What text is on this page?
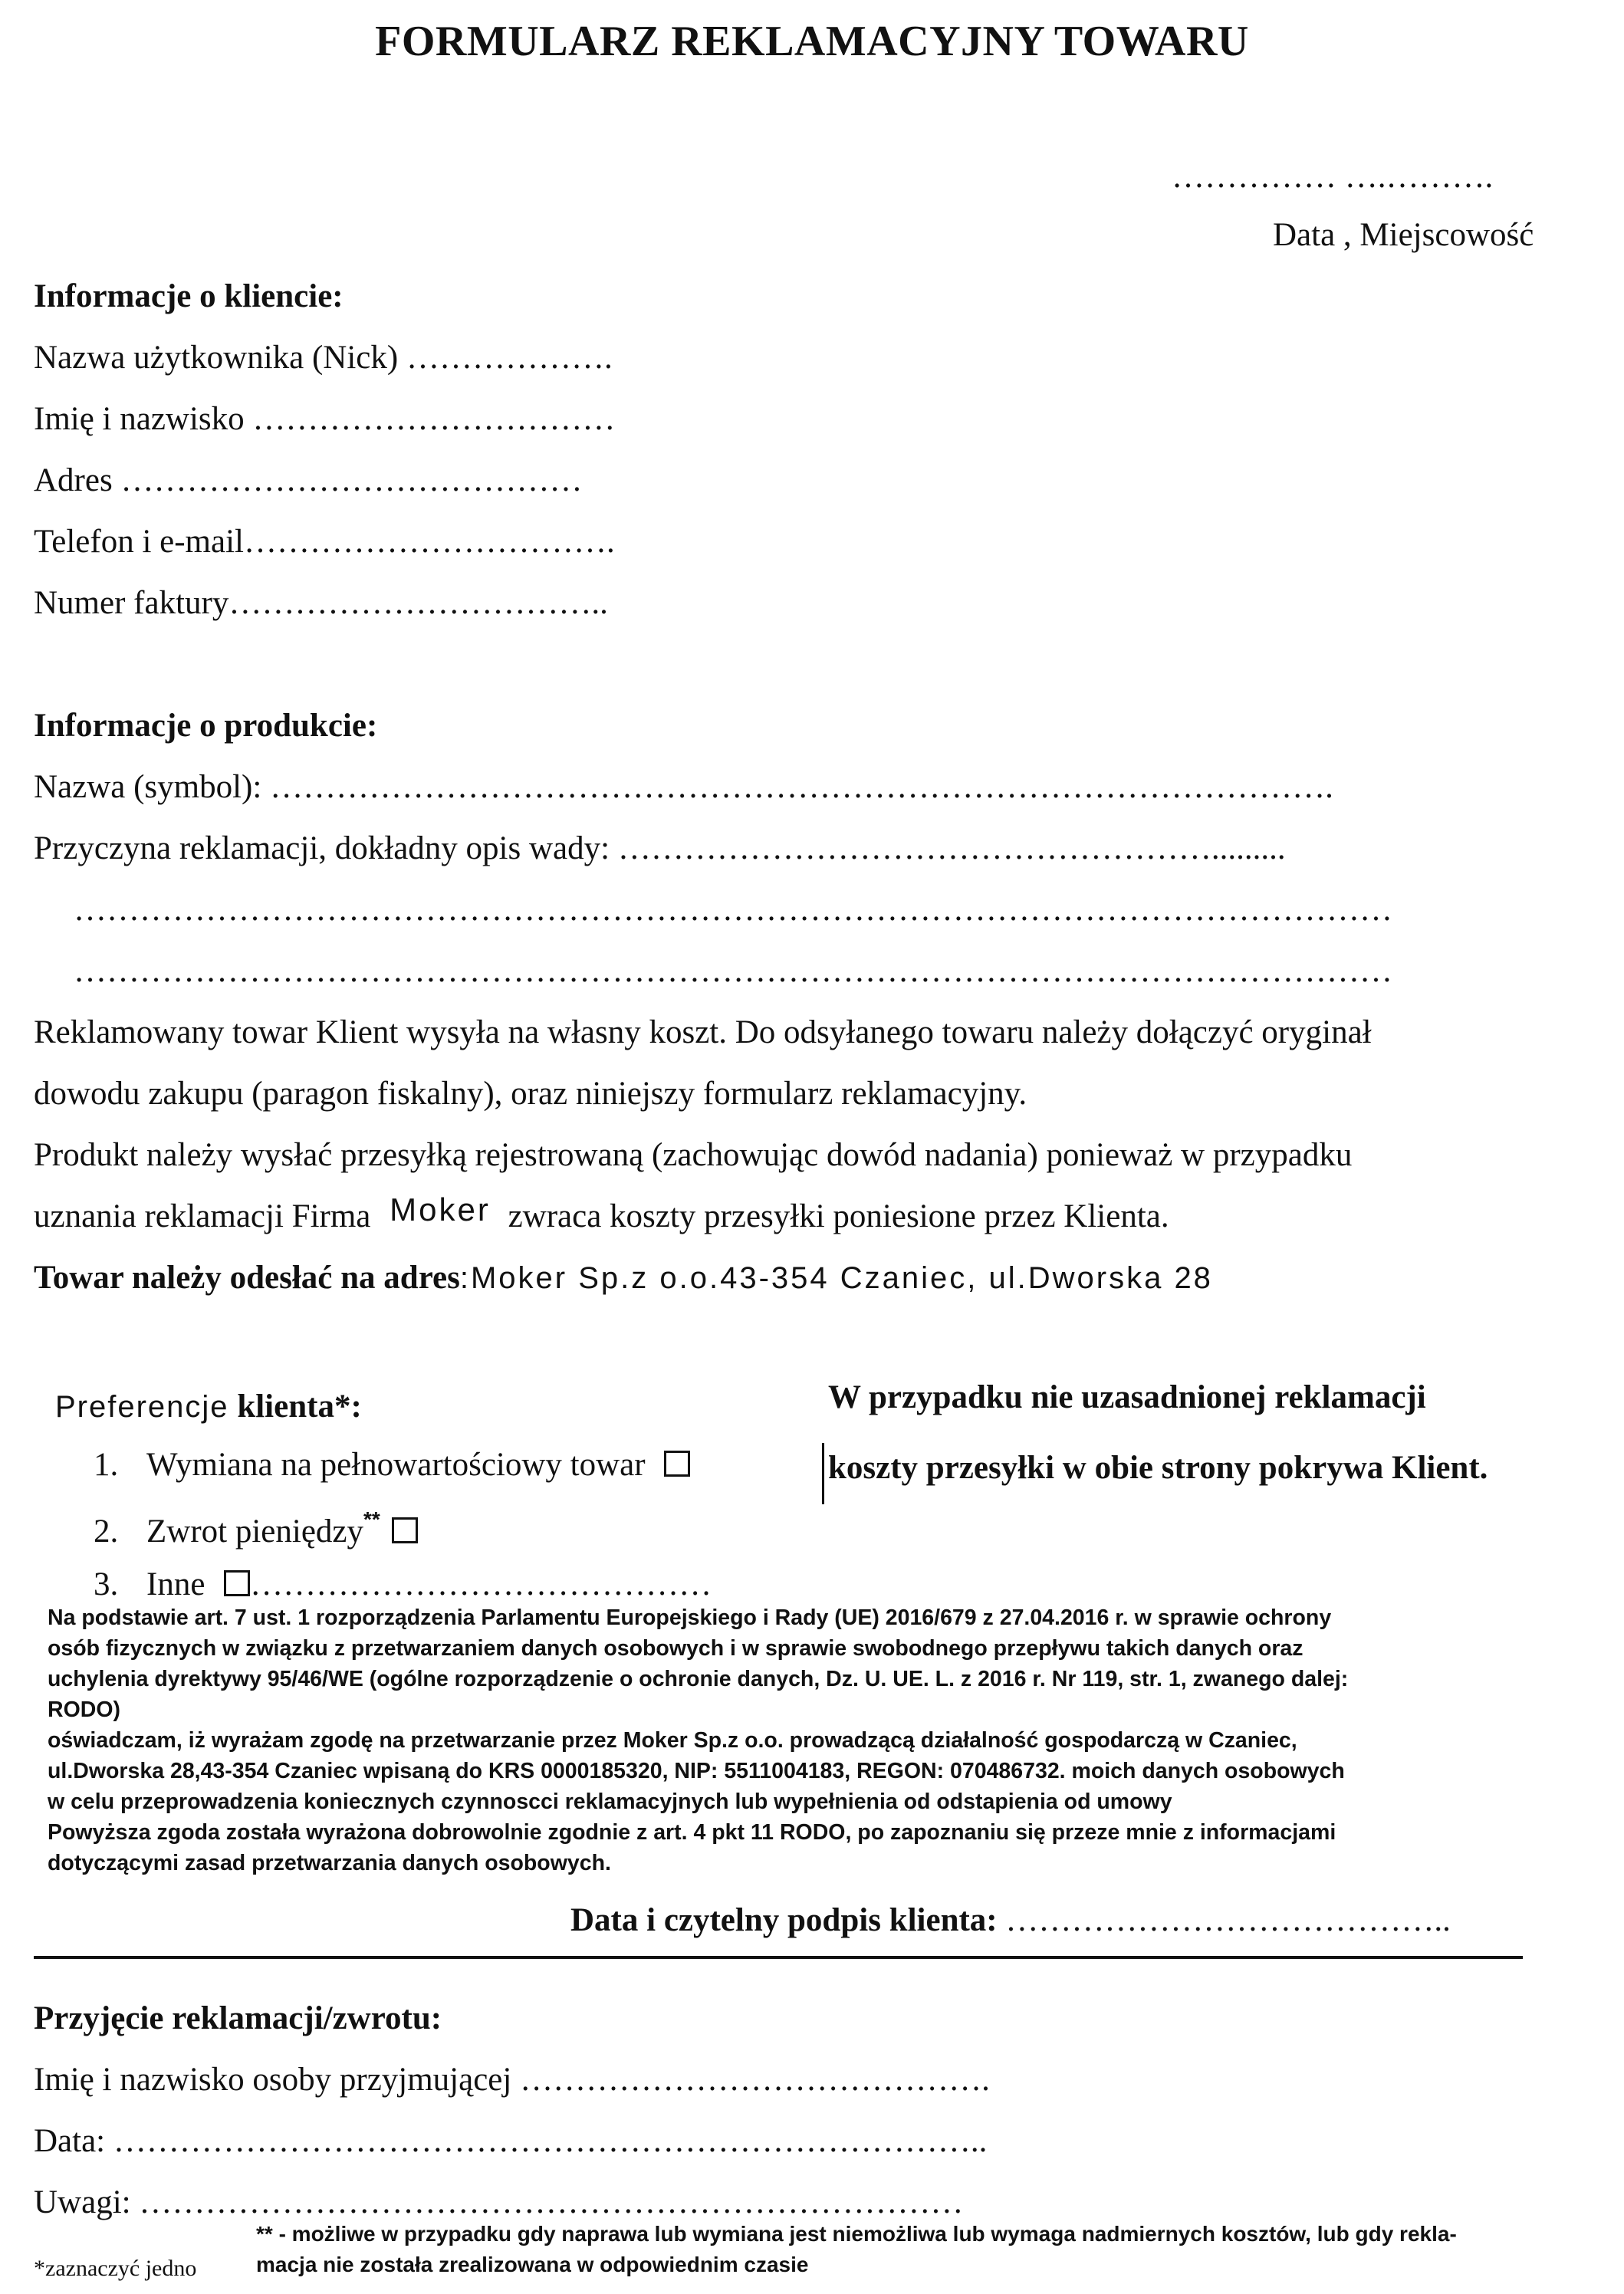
FORMULARZ REKLAMACYJNY TOWARU
…………… ….……….
Data , Miejscowość
Informacje o kliencie:
Nazwa użytkownika (Nick) ……………….
Imię i nazwisko ……………………………
Adres ……………………………………
Telefon i e-mail…………………………….
Numer faktury……………………………..
Informacje o produkcie:
Nazwa (symbol): …………………………………………………………………………………….
Przyczyna reklamacji, dokładny opis wady: ……………………………………………….........
…………………………………………………………………………………………………………
…………………………………………………………………………………………………………
Reklamowany towar Klient wysyła na własny koszt. Do odsyłanego towaru należy dołączyć oryginał
dowodu zakupu (paragon fiskalny), oraz niniejszy formularz reklamacyjny.
Produkt należy wysłać przesyłką rejestrowaną (zachowując dowód nadania) ponieważ w przypadku
uznania reklamacji Firma Moker zwraca koszty przesyłki poniesione przez Klienta.
Towar należy odesłać na adres:Moker Sp.z o.o.43-354 Czaniec, ul.Dworska 28
Preferencje klienta*:
1. Wymiana na pełnowartościowy towar
2. Zwrot pieniędzy**
3. Inne ……………………………………
W przypadku nie uzasadnionej reklamacji
koszty przesyłki w obie strony pokrywa Klient.
Na podstawie art. 7 ust. 1 rozporządzenia Parlamentu Europejskiego i Rady (UE) 2016/679 z 27.04.2016 r. w sprawie ochrony
osób fizycznych w związku z przetwarzaniem danych osobowych i w sprawie swobodnego przepływu takich danych oraz
uchylenia dyrektywy 95/46/WE (ogólne rozporządzenie o ochronie danych, Dz. U. UE. L. z 2016 r. Nr 119, str. 1, zwanego dalej:
RODO)
oświadczam, iż wyrażam zgodę na przetwarzanie przez Moker Sp.z o.o. prowadzącą działalność gospodarczą w Czaniec,
ul.Dworska 28,43-354 Czaniec wpisaną do KRS 0000185320, NIP: 5511004183, REGON: 070486732. moich danych osobowych
w celu przeprowadzenia koniecznych czynnoscci reklamacyjnych lub wypełnienia od odstapienia od umowy
Powyższa zgoda została wyrażona dobrowolnie zgodnie z art. 4 pkt 11 RODO, po zapoznaniu się przeze mnie z informacjami
dotyczącymi zasad przetwarzania danych osobowych.
Data i czytelny podpis klienta: …………………………………..
Przyjęcie reklamacji/zwrotu:
Imię i nazwisko osoby przyjmującej …………………………………….
Data: ……………………………………………………………………..
Uwagi: …………………………………………………………………
** - możliwe w przypadku gdy naprawa lub wymiana jest niemożliwa lub wymaga nadmiernych kosztów, lub gdy rekla-
macja nie została zrealizowana w odpowiednim czasie
*zaznaczyć jedno
